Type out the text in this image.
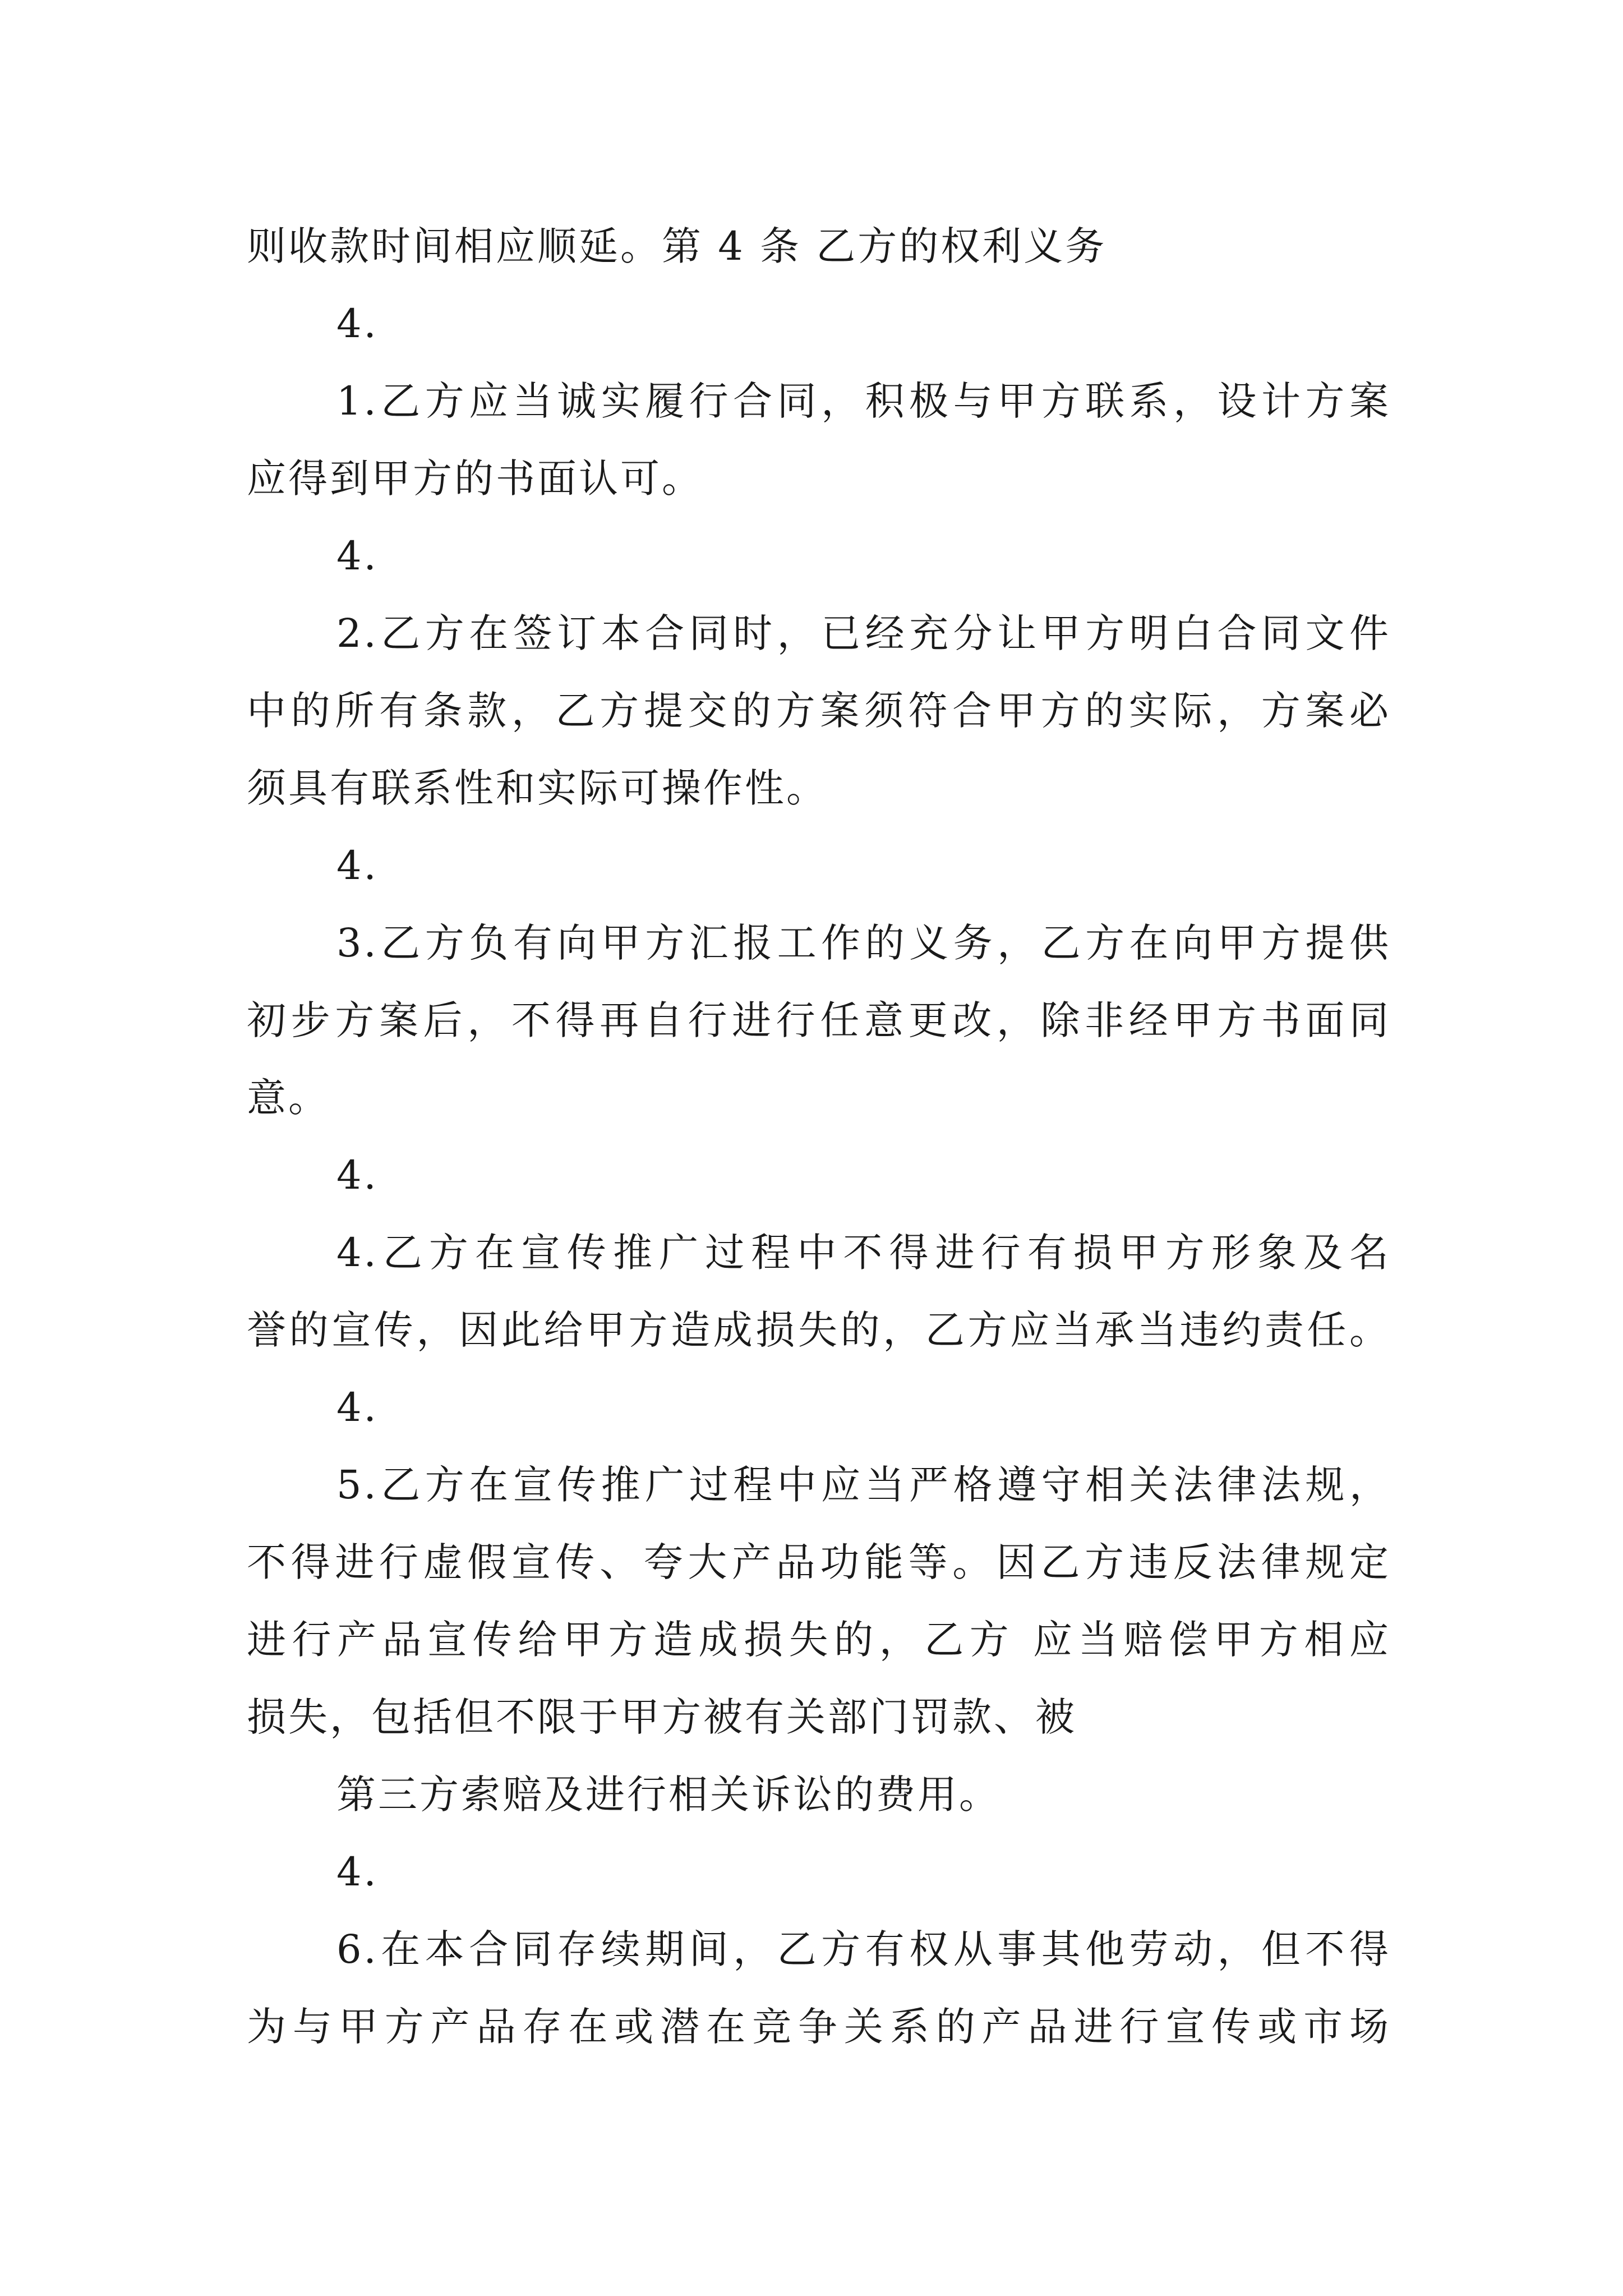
则收款时间相应顺延。第 4 条 乙方的权利义务
4.
1.乙方应当诚实履行合同，积极与甲方联系，设计方案
应得到甲方的书面认可。
4.
2.乙方在签订本合同时，已经充分让甲方明白合同文件
中的所有条款，乙方提交的方案须符合甲方的实际，方案必
须具有联系性和实际可操作性。
4.
3.乙方负有向甲方汇报工作的义务，乙方在向甲方提供
初步方案后，不得再自行进行任意更改，除非经甲方书面同
意。
4.
4.乙方在宣传推广过程中不得进行有损甲方形象及名
誉的宣传，因此给甲方造成损失的，乙方应当承当违约责任。
4.
5.乙方在宣传推广过程中应当严格遵守相关法律法规，
不得进行虚假宣传、夸大产品功能等。因乙方违反法律规定
进行产品宣传给甲方造成损失的，乙方 应当赔偿甲方相应
损失，包括但不限于甲方被有关部门罚款、被
第三方索赔及进行相关诉讼的费用。
4.
6.在本合同存续期间，乙方有权从事其他劳动，但不得
为与甲方产品存在或潜在竞争关系的产品进行宣传或市场
